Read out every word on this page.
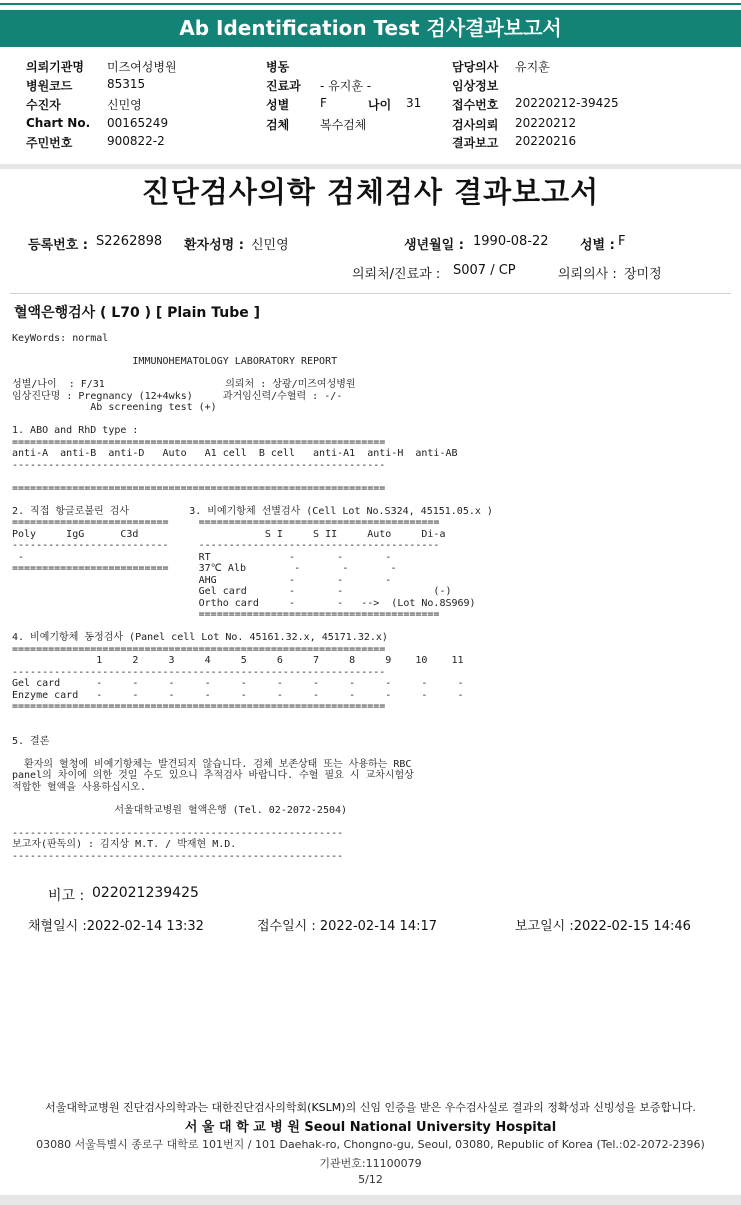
Ab Identification Test 검사결과보고서
의뢰기관명 미즈여성병원
병원코드	85315
수진자	신민영
Chart No. 00165249
주민번호	900822-2
병동
진료과 - 유지훈 -
성별	F	나이 31
검체	복수검체
담당의사 유지훈
임상정보
접수번호 20220212-39425
검사의뢰 20220212
결과보고 20220216
진단검사의학 검체검사 결과보고서
등록번호 : S2262898 환자성명 : 신민영	생년월일 : 1990-08-22 성별 : F
의뢰처/진료과 : S007 / CP	의뢰의사 : 장미정
혈액은행검사 ( L70 ) [ Plain Tube ]
KeyWords: normal
IMMUNOHEMATOLOGY LABORATORY REPORT
성별/나이  : F/31                    의뢰처 : 상광/미즈여성병원
임상진단명 : Pregnancy (12+4wks)     과거임신력/수혈력 : -/-
Ab screening test (+)
1. ABO and RhD type :
==============================================================
anti-A  anti-B  anti-D   Auto   A1 cell  B cell   anti-A1  anti-H  anti-AB
--------------------------------------------------------------
==============================================================
2. 직접 항글로불린 검사          3. 비예기항체 선별검사 (Cell Lot No.S324, 45151.05.x )
==========================     ========================================
Poly     IgG      C3d                     S I     S II     Auto     Di-a
--------------------------     ----------------------------------------
-                             RT             -       -       -
==========================     37℃ Alb        -       -       -
AHG            -       -       -
Gel card       -       -               (-)
Ortho card     -       -   -->  (Lot No.8S969)
========================================
4. 비예기항체 동정검사 (Panel cell Lot No. 45161.32.x, 45171.32.x)
==============================================================
1     2     3     4     5     6     7     8     9    10    11
--------------------------------------------------------------
Gel card      -     -     -     -     -     -     -     -     -     -     -
Enzyme card   -     -     -     -     -     -     -     -     -     -     -
==============================================================
5. 결론
환자의 혈청에 비예기항체는 발견되지 않습니다. 검체 보존상태 또는 사용하는 RBC
panel의 차이에 의한 것일 수도 있으니 추적검사 바랍니다. 수혈 필요 시 교차시험상
적합한 혈액을 사용하십시오.
서울대학교병원 혈액은행 (Tel. 02-2072-2504)
-------------------------------------------------------
보고자(판독의) : 김지상 M.T. / 박재현 M.D.
-------------------------------------------------------
비고 : 022021239425
채혈일시 :2022-02-14 13:32	접수일시 : 2022-02-14 14:17	보고일시 :2022-02-15 14:46
서울대학교병원 진단검사의학과는 대한진단검사의학회(KSLM)의 신임 인증을 받은 우수검사실로 결과의 정확성과 신빙성을 보증합니다.
서 울 대 학 교 병 원 Seoul National University Hospital
03080 서울특별시 종로구 대학로 101번지 / 101 Daehak-ro, Chongno-gu, Seoul, 03080, Republic of Korea (Tel.:02-2072-2396)
기관번호:11100079
5/12
